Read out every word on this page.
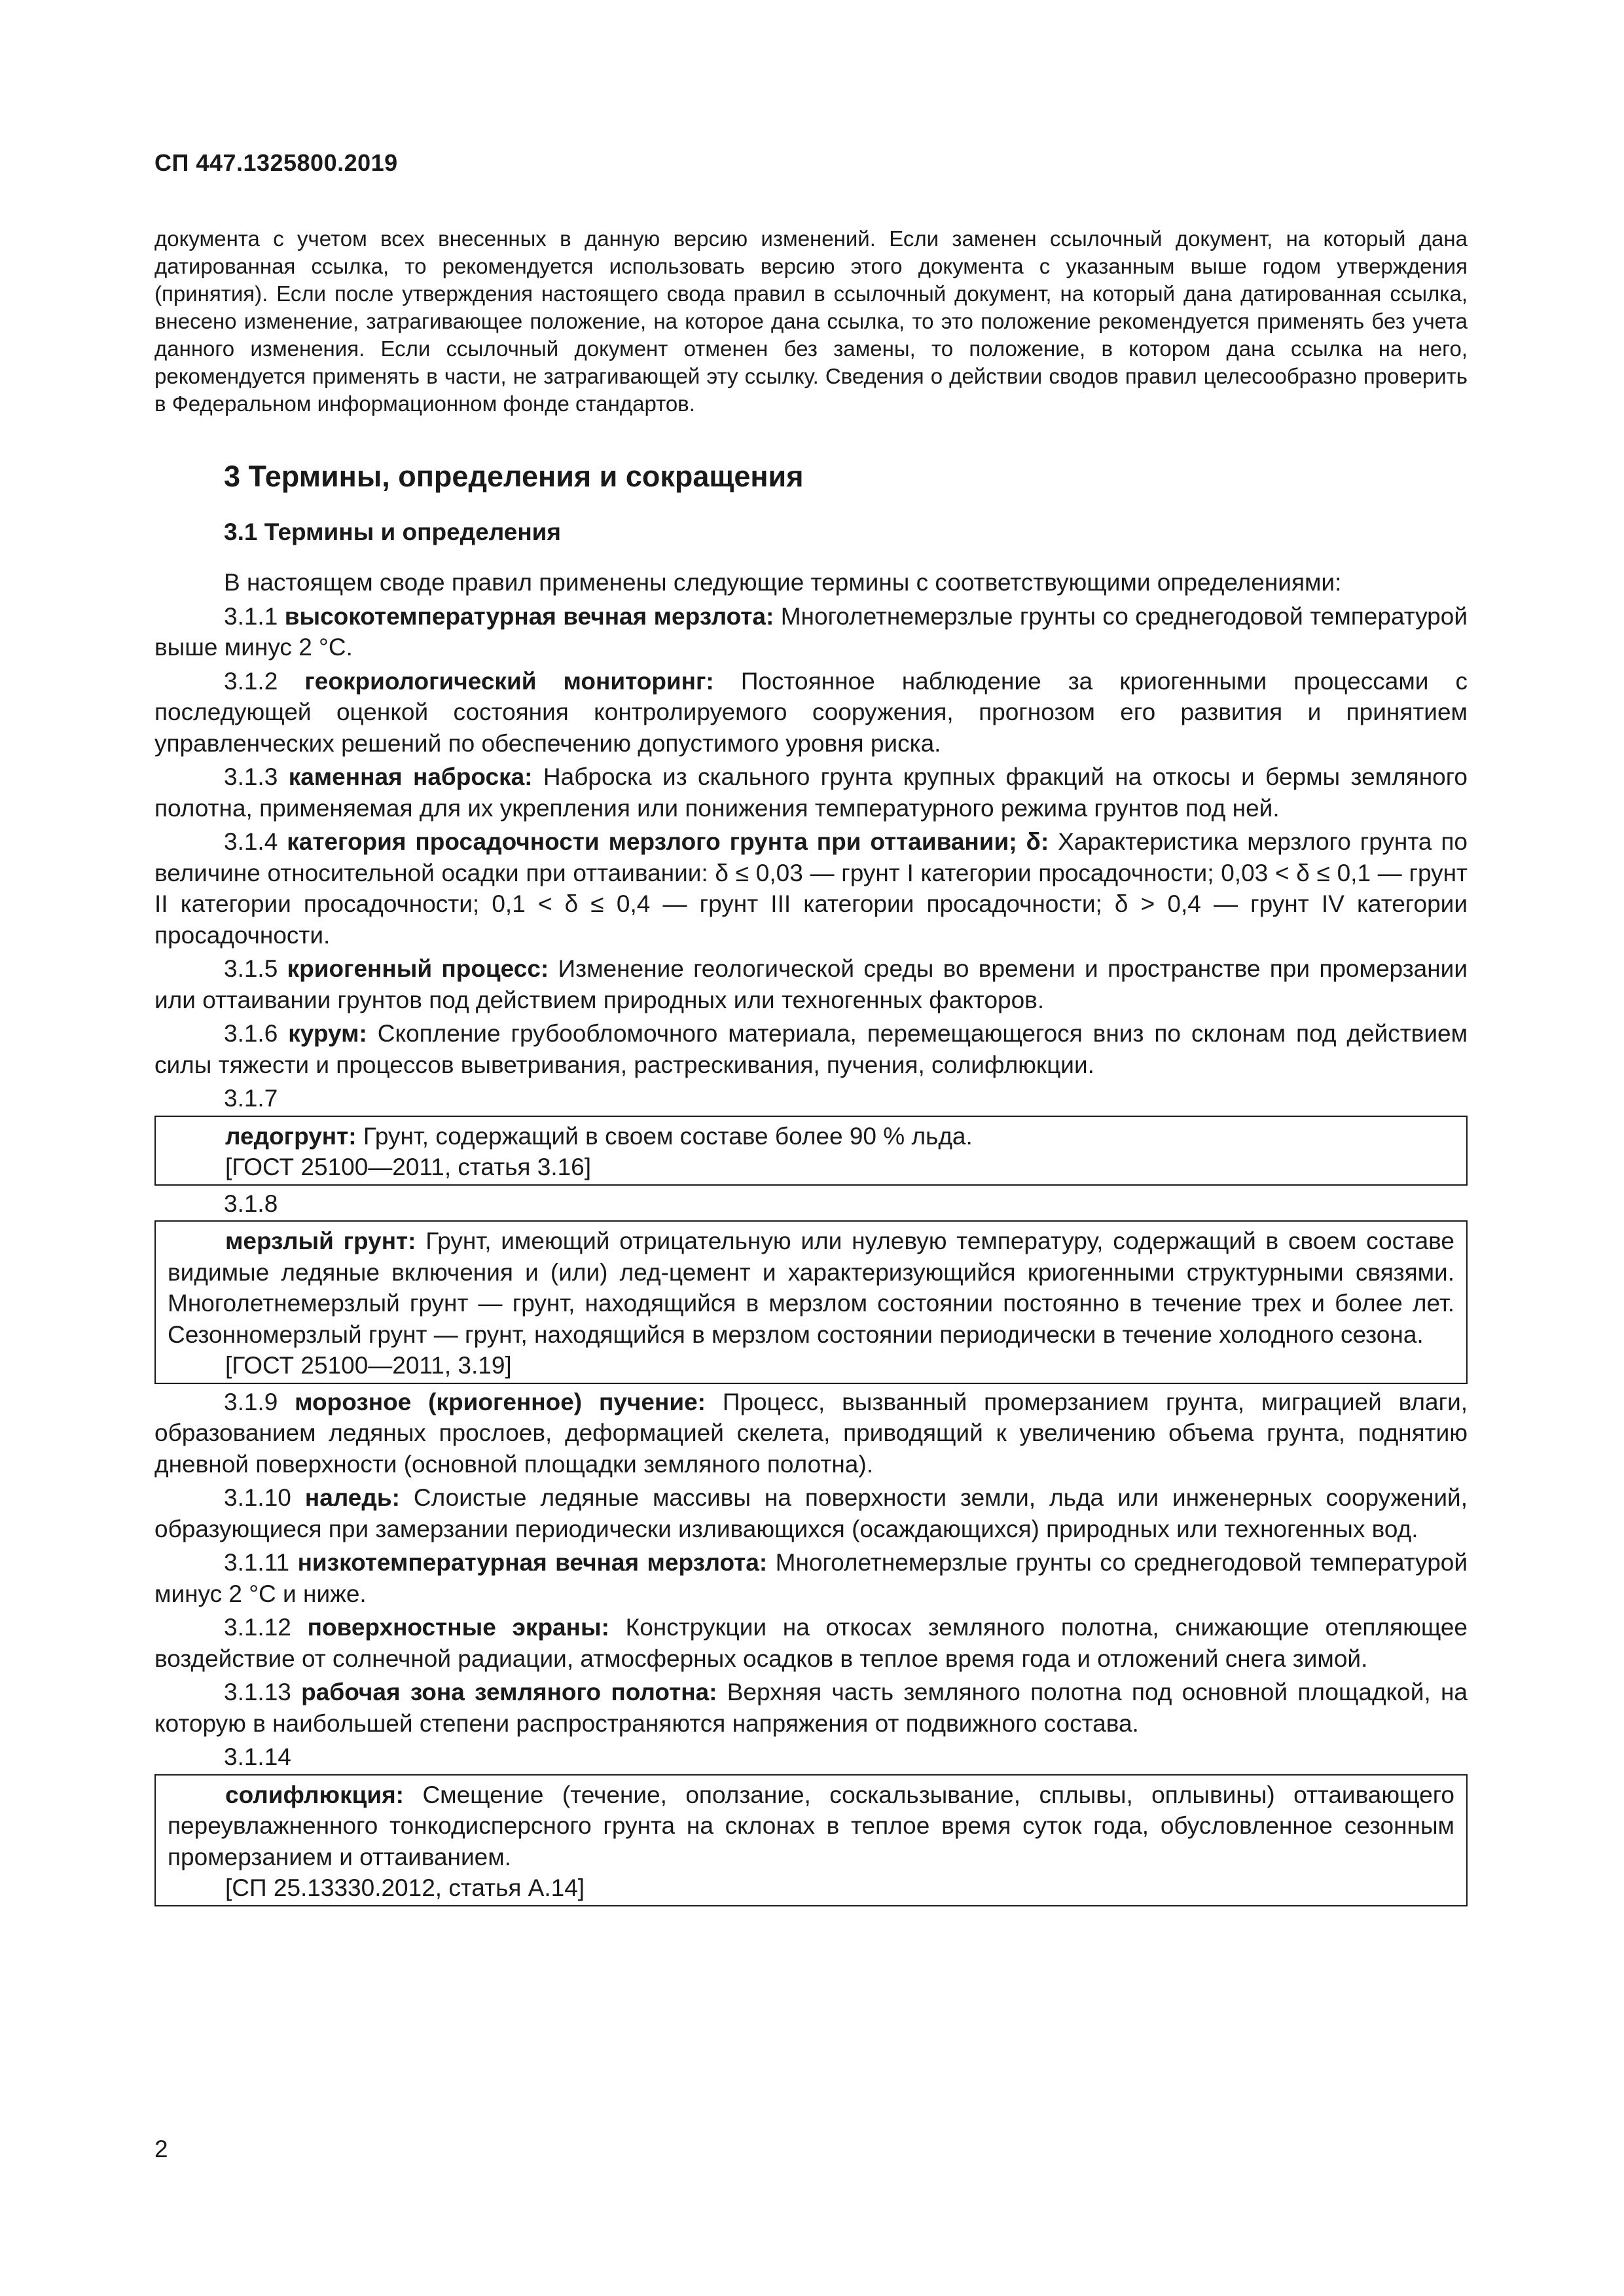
СП 447.1325800.2019
документа с учетом всех внесенных в данную версию изменений. Если заменен ссылочный документ, на который дана датированная ссылка, то рекомендуется использовать версию этого документа с указанным выше годом утверждения (принятия). Если после утверждения настоящего свода правил в ссылочный документ, на который дана датированная ссылка, внесено изменение, затрагивающее положение, на которое дана ссылка, то это положение рекомендуется применять без учета данного изменения. Если ссылочный документ отменен без замены, то положение, в котором дана ссылка на него, рекомендуется применять в части, не затрагивающей эту ссылку. Сведения о действии сводов правил целесообразно проверить в Федеральном информационном фонде стандартов.
3 Термины, определения и сокращения
3.1 Термины и определения

В настоящем своде правил применены следующие термины с соответствующими определениями:

3.1.1 высокотемпературная вечная мерзлота: Многолетнемерзлые грунты со среднегодовой температурой выше минус 2 °С.

3.1.2 геокриологический мониторинг: Постоянное наблюдение за криогенными процессами с последующей оценкой состояния контролируемого сооружения, прогнозом его развития и принятием управленческих решений по обеспечению допустимого уровня риска.

3.1.3 каменная наброска: Наброска из скального грунта крупных фракций на откосы и бермы земляного полотна, применяемая для их укрепления или понижения температурного режима грунтов под ней.

3.1.4 категория просадочности мерзлого грунта при оттаивании; δ: Характеристика мерзлого грунта по величине относительной осадки при оттаивании: δ ≤ 0,03 — грунт I категории просадочности; 0,03 < δ ≤ 0,1 — грунт II категории просадочности; 0,1 < δ ≤ 0,4 — грунт III категории просадочности; δ > 0,4 — грунт IV категории просадочности.

3.1.5 криогенный процесс: Изменение геологической среды во времени и пространстве при промерзании или оттаивании грунтов под действием природных или техногенных факторов.

3.1.6 курум: Скопление грубообломочного материала, перемещающегося вниз по склонам под действием силы тяжести и процессов выветривания, растрескивания, пучения, солифлюкции.

3.1.7

ледогрунт: Грунт, содержащий в своем составе более 90 % льда.

[ГОСТ 25100—2011, статья 3.16]

3.1.8

мерзлый грунт: Грунт, имеющий отрицательную или нулевую температуру, содержащий в своем составе видимые ледяные включения и (или) лед-цемент и характеризующийся криогенными структурными связями. Многолетнемерзлый грунт — грунт, находящийся в мерзлом состоянии постоянно в течение трех и более лет. Сезонномерзлый грунт — грунт, находящийся в мерзлом состоянии периодически в течение холодного сезона.

[ГОСТ 25100—2011, 3.19]

3.1.9 морозное (криогенное) пучение: Процесс, вызванный промерзанием грунта, миграцией влаги, образованием ледяных прослоев, деформацией скелета, приводящий к увеличению объема грунта, поднятию дневной поверхности (основной площадки земляного полотна).

3.1.10 наледь: Слоистые ледяные массивы на поверхности земли, льда или инженерных сооружений, образующиеся при замерзании периодически изливающихся (осаждающихся) природных или техногенных вод.

3.1.11 низкотемпературная вечная мерзлота: Многолетнемерзлые грунты со среднегодовой температурой минус 2 °С и ниже.

3.1.12 поверхностные экраны: Конструкции на откосах земляного полотна, снижающие отепляющее воздействие от солнечной радиации, атмосферных осадков в теплое время года и отложений снега зимой.

3.1.13 рабочая зона земляного полотна: Верхняя часть земляного полотна под основной площадкой, на которую в наибольшей степени распространяются напряжения от подвижного состава.

3.1.14

солифлюкция: Смещение (течение, оползание, соскальзывание, сплывы, оплывины) оттаивающего переувлажненного тонкодисперсного грунта на склонах в теплое время суток года, обусловленное сезонным промерзанием и оттаиванием.

[СП 25.13330.2012, статья А.14]

2
